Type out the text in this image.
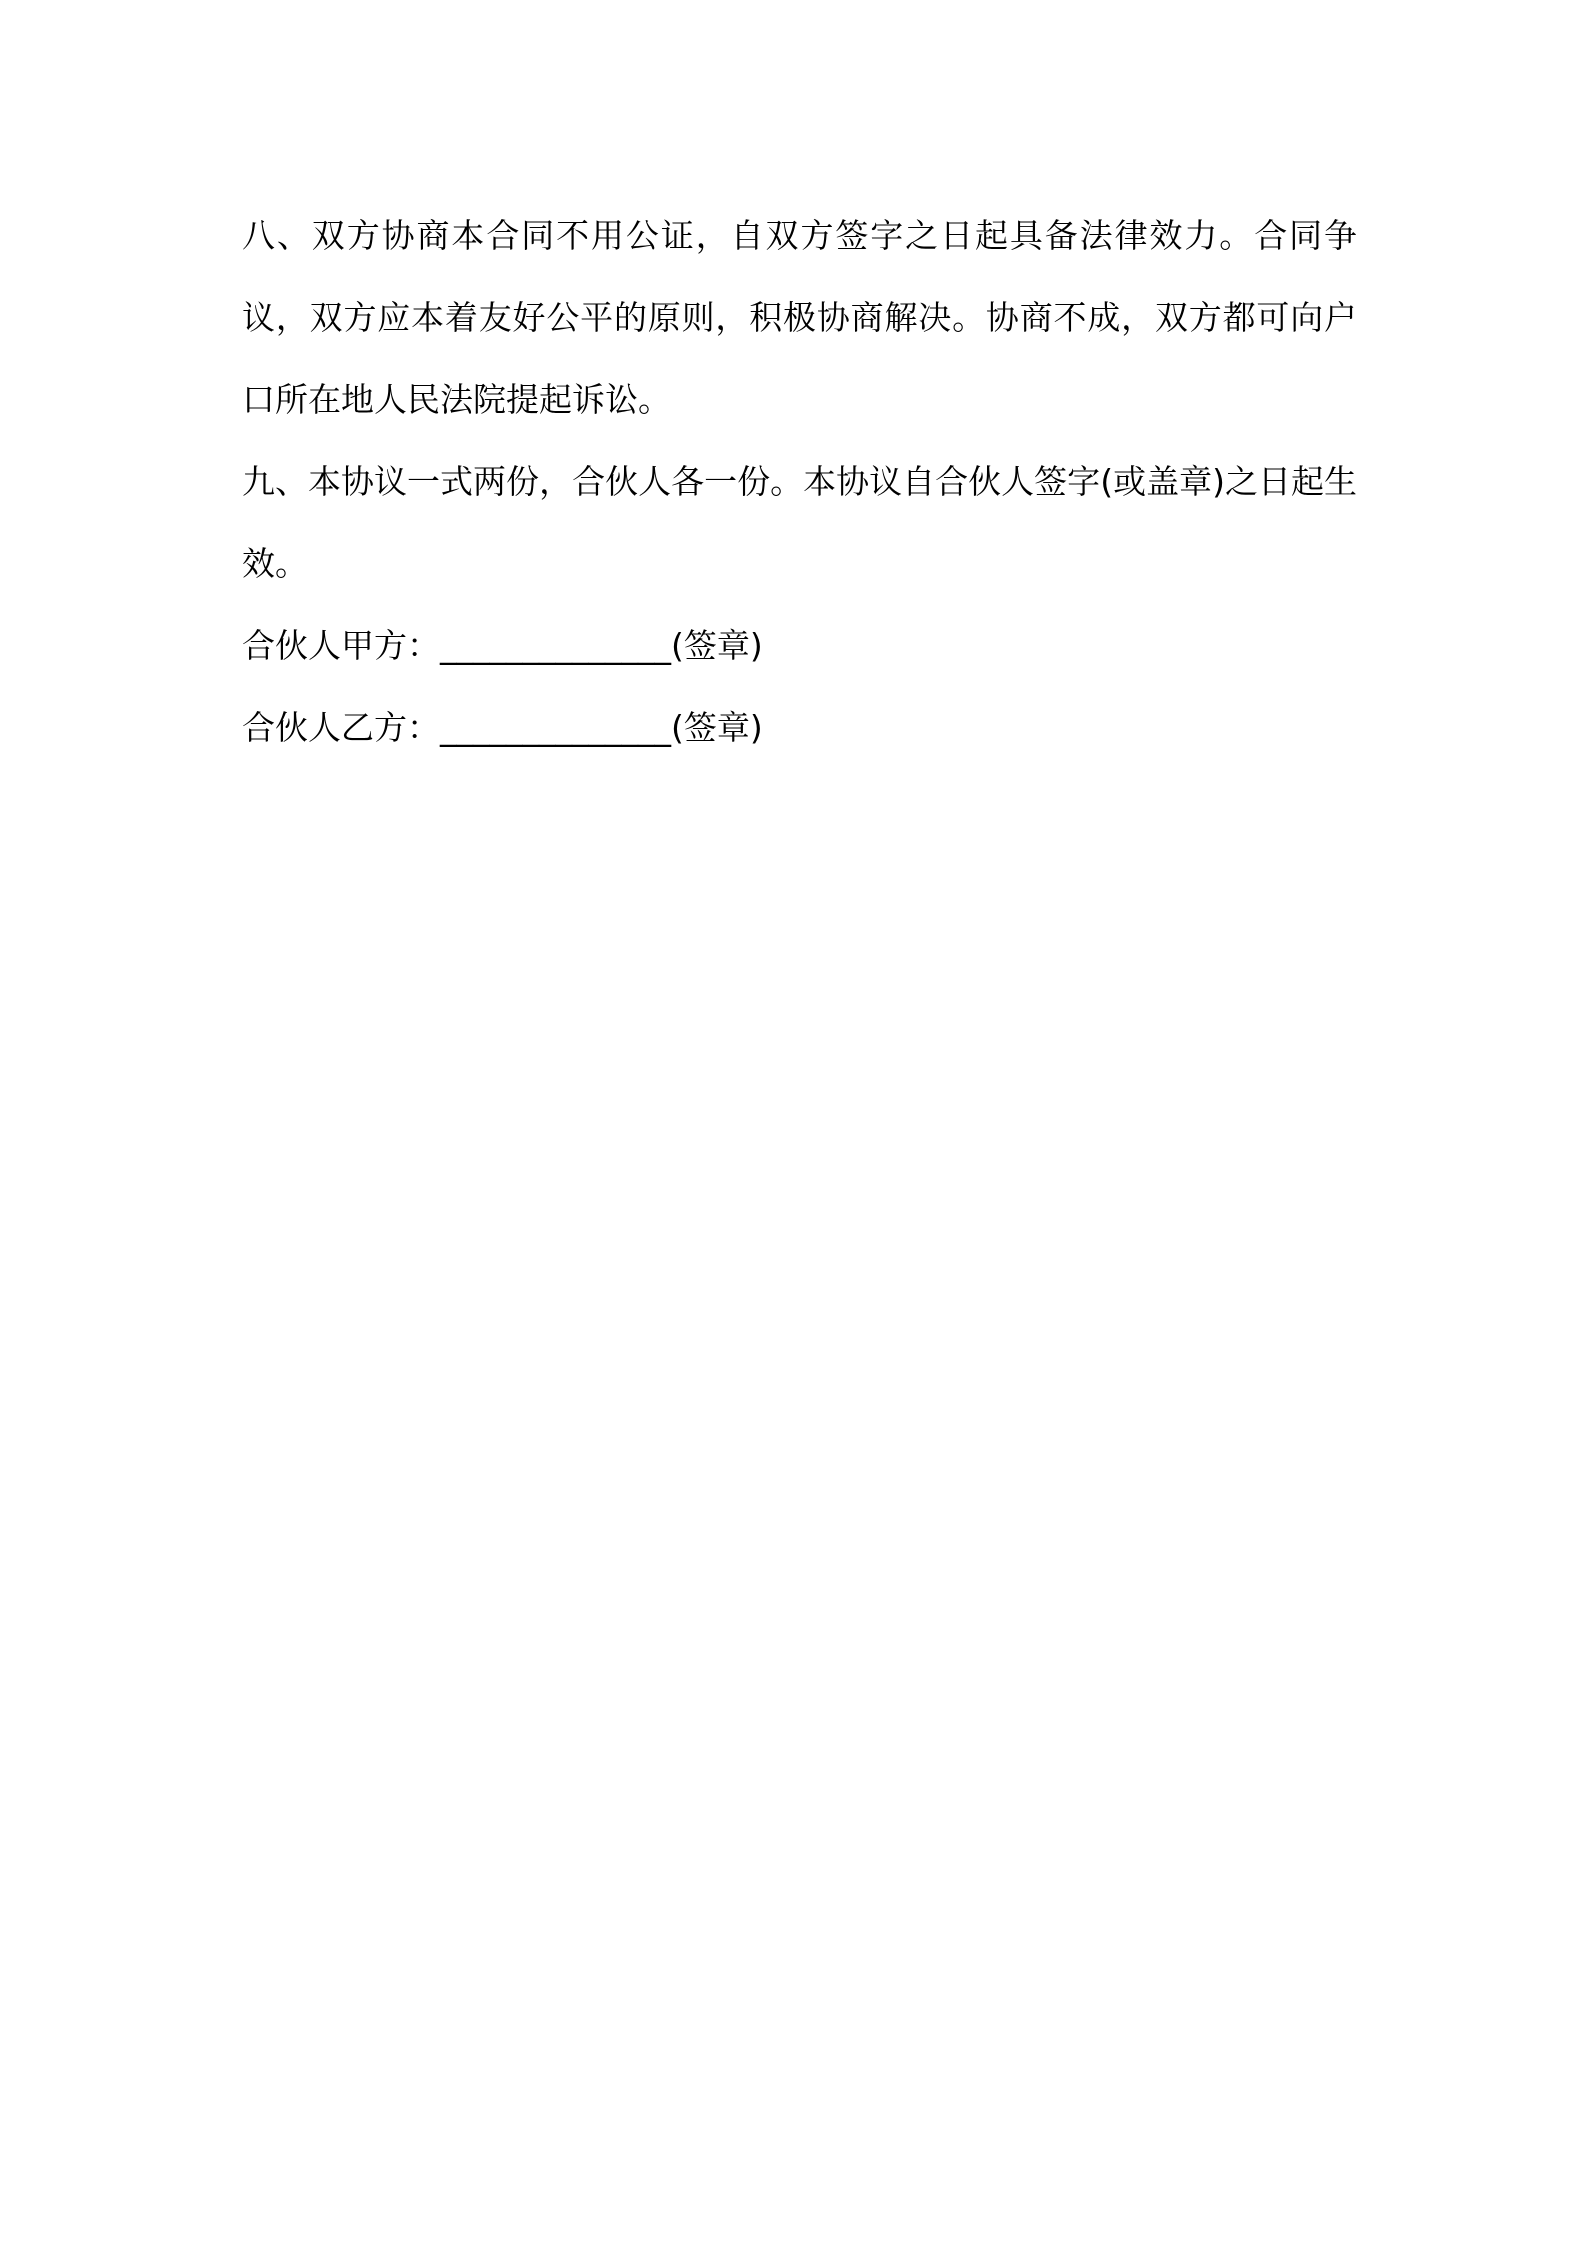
八、双方协商本合同不用公证，自双方签字之日起具备法律效力。合同争议，双方应本着友好公平的原则，积极协商解决。协商不成，双方都可向户口所在地人民法院提起诉讼。

九、本协议一式两份，合伙人各一份。本协议自合伙人签字(或盖章)之日起生效。

合伙人甲方：______________(签章)

合伙人乙方：______________(签章)
